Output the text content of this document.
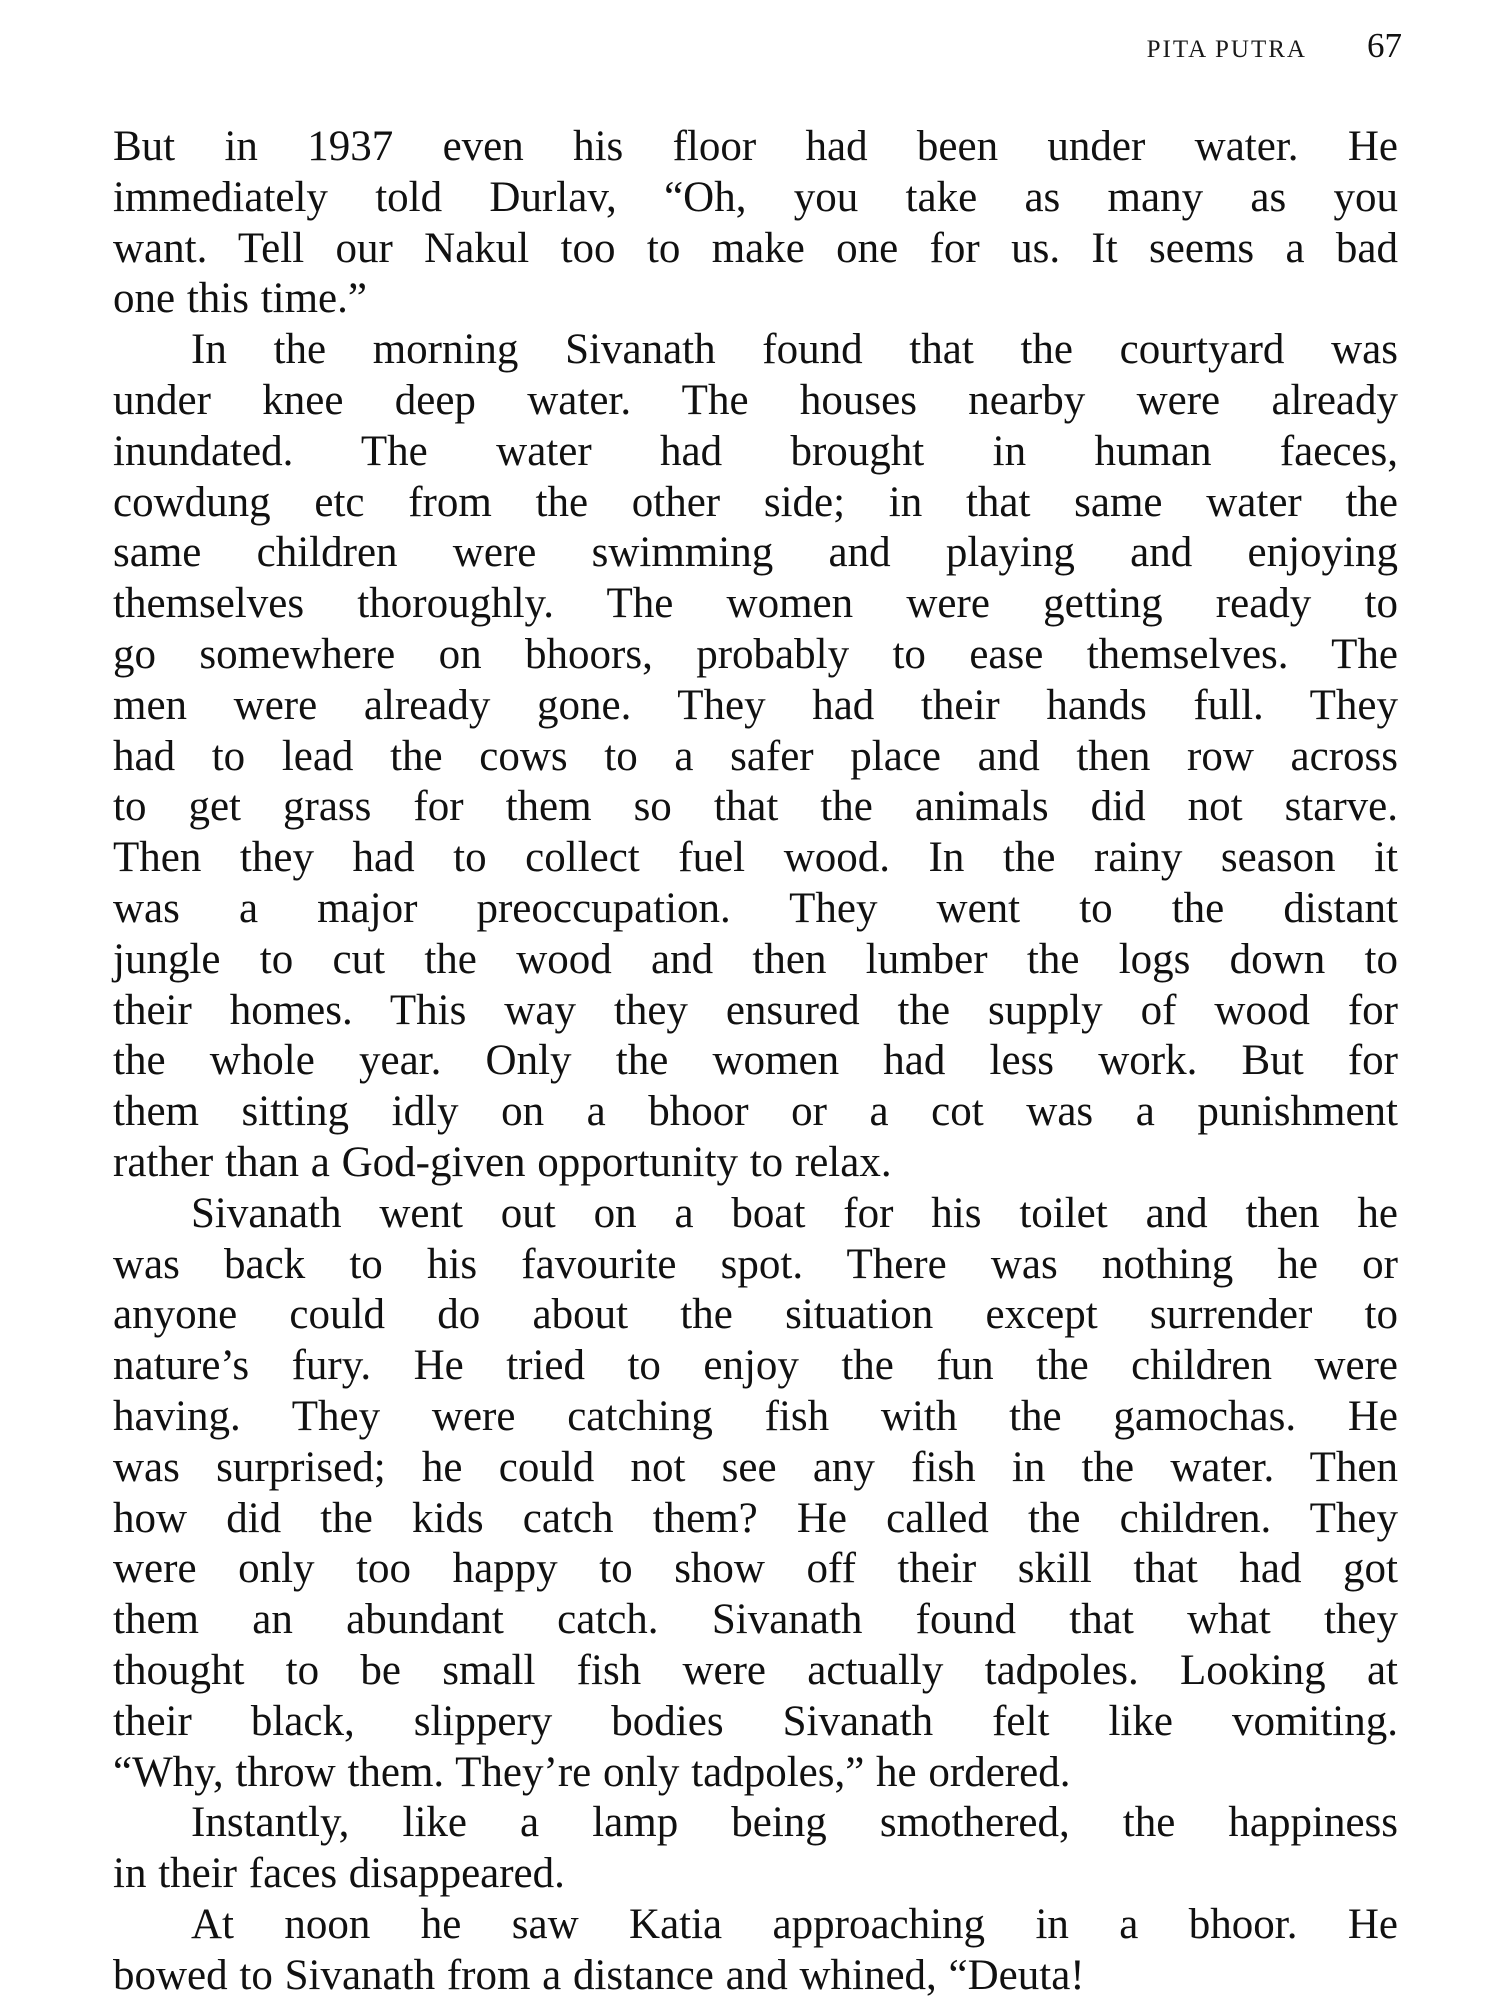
PITA PUTRA 67
But in 1937 even his floor had been under water. He
immediately told Durlav, “Oh, you take as many as you
want. Tell our Nakul too to make one for us. It seems a bad
one this time.”
In the morning Sivanath found that the courtyard was
under knee deep water. The houses nearby were already
inundated. The water had brought in human faeces,
cowdung etc from the other side; in that same water the
same children were swimming and playing and enjoying
themselves thoroughly. The women were getting ready to
go somewhere on bhoors, probably to ease themselves. The
men were already gone. They had their hands full. They
had to lead the cows to a safer place and then row across
to get grass for them so that the animals did not starve.
Then they had to collect fuel wood. In the rainy season it
was a major preoccupation. They went to the distant
jungle to cut the wood and then lumber the logs down to
their homes. This way they ensured the supply of wood for
the whole year. Only the women had less work. But for
them sitting idly on a bhoor or a cot was a punishment
rather than a God-given opportunity to relax.
Sivanath went out on a boat for his toilet and then he
was back to his favourite spot. There was nothing he or
anyone could do about the situation except surrender to
nature’s fury. He tried to enjoy the fun the children were
having. They were catching fish with the gamochas. He
was surprised; he could not see any fish in the water. Then
how did the kids catch them? He called the children. They
were only too happy to show off their skill that had got
them an abundant catch. Sivanath found that what they
thought to be small fish were actually tadpoles. Looking at
their black, slippery bodies Sivanath felt like vomiting.
“Why, throw them. They’re only tadpoles,” he ordered.
Instantly, like a lamp being smothered, the happiness
in their faces disappeared.
At noon he saw Katia approaching in a bhoor. He
bowed to Sivanath from a distance and whined, “Deuta!
